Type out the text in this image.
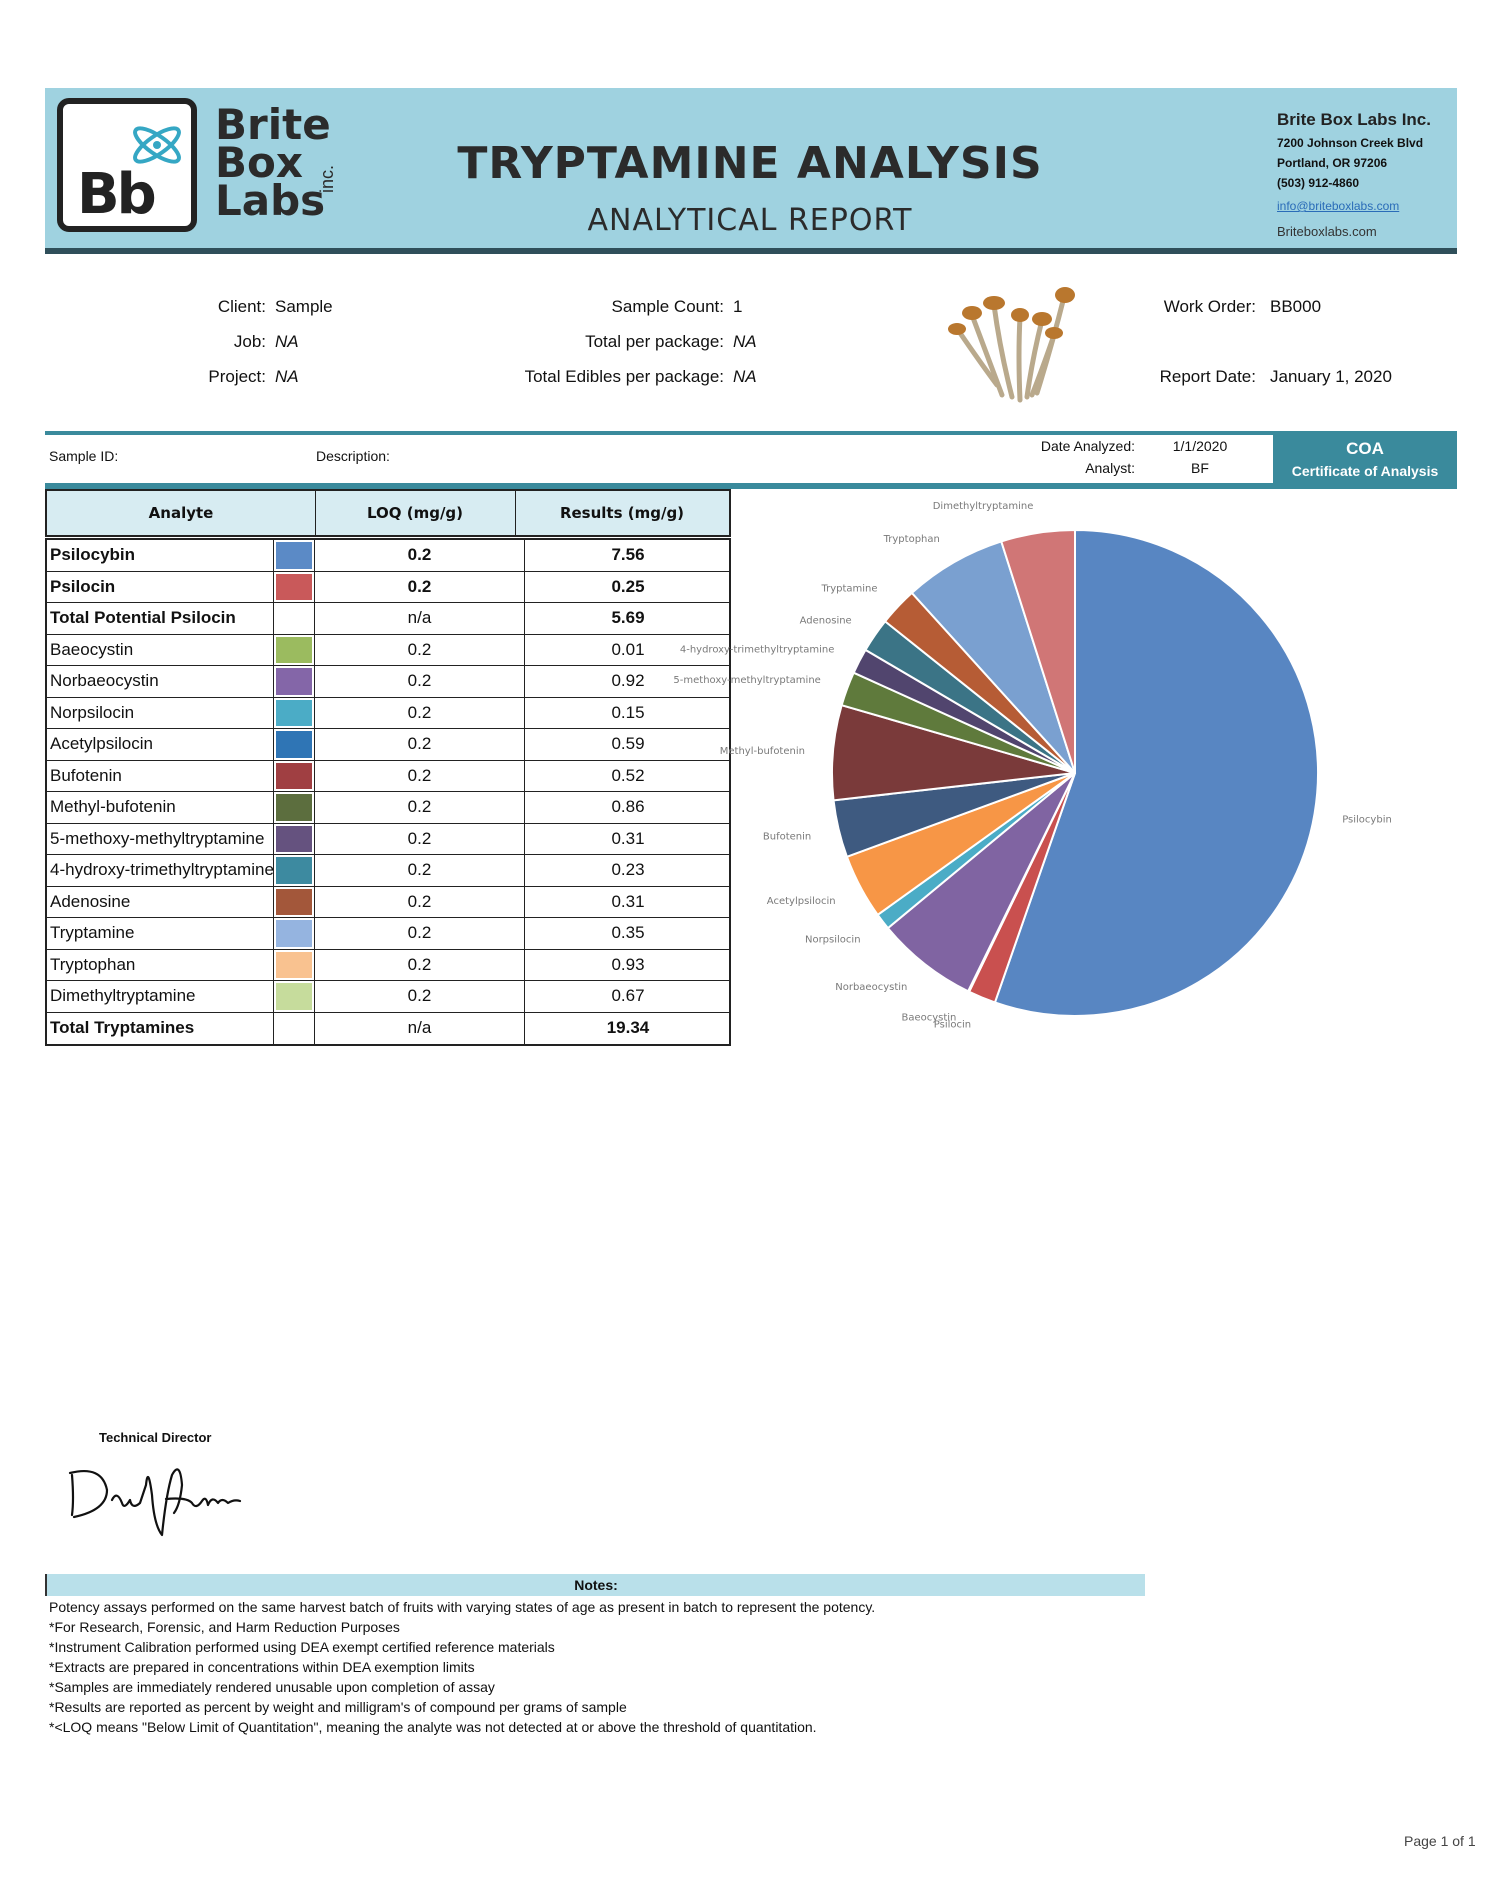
Bb
Brite
Box
Labs
inc.
Brite Box Labs Inc.
7200 Johnson Creek Blvd
Portland, OR 97206
(503) 912-4860
info@briteboxlabs.com
Briteboxlabs.com
TRYPTAMINE ANALYSIS
ANALYTICAL REPORT
Client: Sample
Job: NA
Project: NA
Sample Count: 1
Total per package: NA
Total Edibles per package: NA
Work Order: BB000
Report Date: January 1, 2020
Sample ID:	Description:
Date Analyzed:	1/1/2020
Analyst:	BF
COA
Certificate of Analysis
Analyte	LOQ (mg/g)	Results (mg/g)
Psilocybin	0.2	7.56
Psilocin	0.2	0.25
Total Potential Psilocin	n/a	5.69
Baeocystin	0.2	0.01
Norbaeocystin	0.2	0.92
Norpsilocin	0.2	0.15
Acetylpsilocin	0.2	0.59
Bufotenin	0.2	0.52
Methyl-bufotenin	0.2	0.86
5-methoxy-methyltryptamine	0.2	0.31
4-hydroxy-trimethyltryptamine	0.2	0.23
Adenosine	0.2	0.31
Tryptamine	0.2	0.35
Tryptophan	0.2	0.93
Dimethyltryptamine	0.2	0.67
Total Tryptamines	n/a	19.34
Psilocybin
Psilocin
Baeocystin
Norbaeocystin
Norpsilocin
Acetylpsilocin
Bufotenin
Methyl-bufotenin
5-methoxy-methyltryptamine
4-hydroxy-trimethyltryptamine
Adenosine
Tryptamine
Tryptophan
Dimethyltryptamine
Technical Director
Notes:
Potency assays performed on the same harvest batch of fruits with varying states of age as present in batch to represent the potency.
*For Research, Forensic, and Harm Reduction Purposes
*Instrument Calibration performed using DEA exempt certified reference materials
*Extracts are prepared in concentrations within DEA exemption limits
*Samples are immediately rendered unusable upon completion of assay
*Results are reported as percent by weight and milligram's of compound per grams of sample
*<LOQ means "Below Limit of Quantitation", meaning the analyte was not detected at or above the threshold of quantitation.
Page 1 of 1
